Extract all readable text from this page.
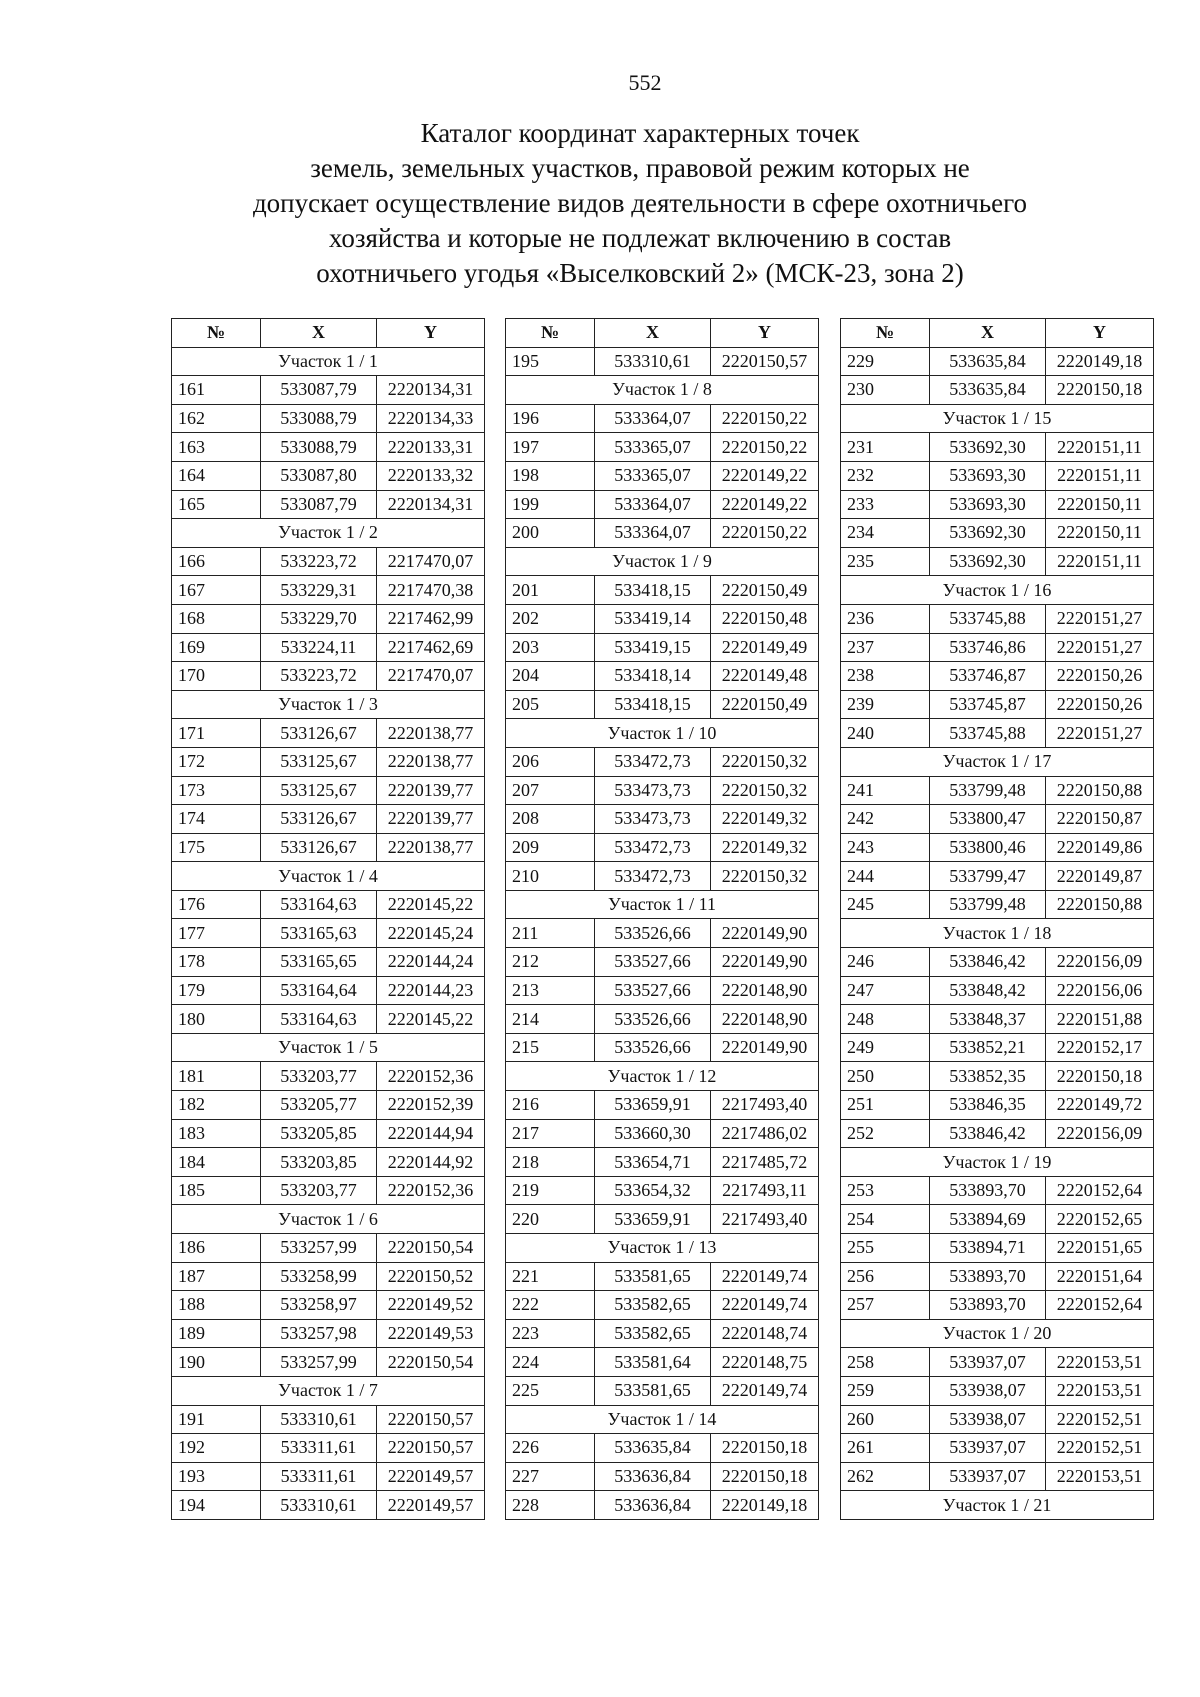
552
Каталог координат характерных точек
земель, земельных участков, правовой режим которых не
допускает осуществление видов деятельности в сфере охотничьего
хозяйства и которые не подлежат включению в состав
охотничьего угодья «Выселковский 2» (МСК-23, зона 2)
№	X	Y
Участок 1 / 1		
161	533087,79	2220134,31
162	533088,79	2220134,33
163	533088,79	2220133,31
164	533087,80	2220133,32
165	533087,79	2220134,31
Участок 1 / 2		
166	533223,72	2217470,07
167	533229,31	2217470,38
168	533229,70	2217462,99
169	533224,11	2217462,69
170	533223,72	2217470,07
Участок 1 / 3		
171	533126,67	2220138,77
172	533125,67	2220138,77
173	533125,67	2220139,77
174	533126,67	2220139,77
175	533126,67	2220138,77
Участок 1 / 4		
176	533164,63	2220145,22
177	533165,63	2220145,24
178	533165,65	2220144,24
179	533164,64	2220144,23
180	533164,63	2220145,22
Участок 1 / 5		
181	533203,77	2220152,36
182	533205,77	2220152,39
183	533205,85	2220144,94
184	533203,85	2220144,92
185	533203,77	2220152,36
Участок 1 / 6		
186	533257,99	2220150,54
187	533258,99	2220150,52
188	533258,97	2220149,52
189	533257,98	2220149,53
190	533257,99	2220150,54
Участок 1 / 7		
191	533310,61	2220150,57
192	533311,61	2220150,57
193	533311,61	2220149,57
194	533310,61	2220149,57
№	X	Y
195	533310,61	2220150,57
Участок 1 / 8		
196	533364,07	2220150,22
197	533365,07	2220150,22
198	533365,07	2220149,22
199	533364,07	2220149,22
200	533364,07	2220150,22
Участок 1 / 9		
201	533418,15	2220150,49
202	533419,14	2220150,48
203	533419,15	2220149,49
204	533418,14	2220149,48
205	533418,15	2220150,49
Участок 1 / 10		
206	533472,73	2220150,32
207	533473,73	2220150,32
208	533473,73	2220149,32
209	533472,73	2220149,32
210	533472,73	2220150,32
Участок 1 / 11		
211	533526,66	2220149,90
212	533527,66	2220149,90
213	533527,66	2220148,90
214	533526,66	2220148,90
215	533526,66	2220149,90
Участок 1 / 12		
216	533659,91	2217493,40
217	533660,30	2217486,02
218	533654,71	2217485,72
219	533654,32	2217493,11
220	533659,91	2217493,40
Участок 1 / 13		
221	533581,65	2220149,74
222	533582,65	2220149,74
223	533582,65	2220148,74
224	533581,64	2220148,75
225	533581,65	2220149,74
Участок 1 / 14		
226	533635,84	2220150,18
227	533636,84	2220150,18
228	533636,84	2220149,18
№	X	Y
229	533635,84	2220149,18
230	533635,84	2220150,18
Участок 1 / 15		
231	533692,30	2220151,11
232	533693,30	2220151,11
233	533693,30	2220150,11
234	533692,30	2220150,11
235	533692,30	2220151,11
Участок 1 / 16		
236	533745,88	2220151,27
237	533746,86	2220151,27
238	533746,87	2220150,26
239	533745,87	2220150,26
240	533745,88	2220151,27
Участок 1 / 17		
241	533799,48	2220150,88
242	533800,47	2220150,87
243	533800,46	2220149,86
244	533799,47	2220149,87
245	533799,48	2220150,88
Участок 1 / 18		
246	533846,42	2220156,09
247	533848,42	2220156,06
248	533848,37	2220151,88
249	533852,21	2220152,17
250	533852,35	2220150,18
251	533846,35	2220149,72
252	533846,42	2220156,09
Участок 1 / 19		
253	533893,70	2220152,64
254	533894,69	2220152,65
255	533894,71	2220151,65
256	533893,70	2220151,64
257	533893,70	2220152,64
Участок 1 / 20		
258	533937,07	2220153,51
259	533938,07	2220153,51
260	533938,07	2220152,51
261	533937,07	2220152,51
262	533937,07	2220153,51
Участок 1 / 21		
